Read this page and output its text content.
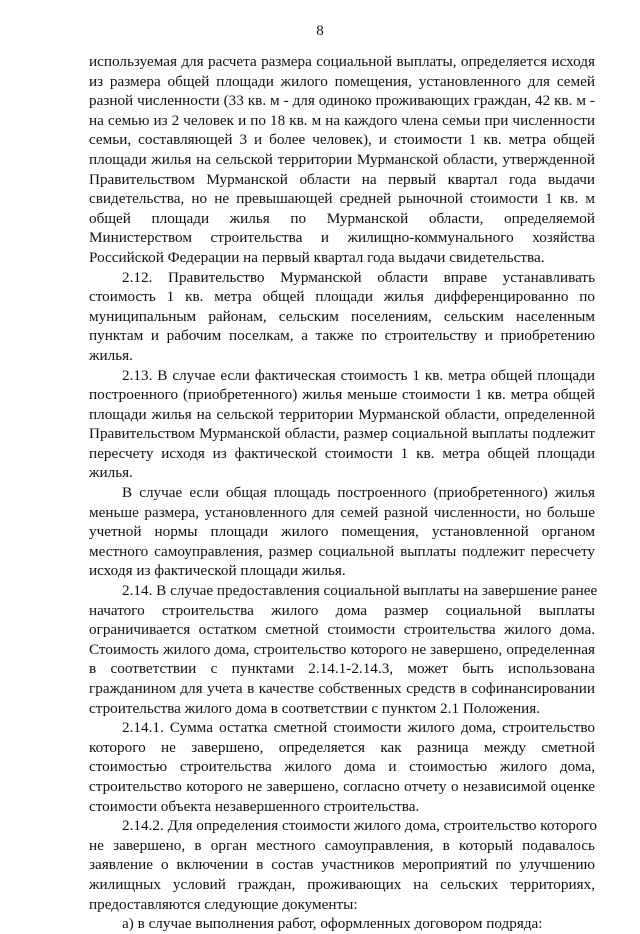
8
используемая для расчета размера социальной выплаты, определяется исходя
из размера общей площади жилого помещения, установленного для семей
разной численности (33 кв. м - для одиноко проживающих граждан, 42 кв. м -
на семью из 2 человек и по 18 кв. м на каждого члена семьи при численности
семьи, составляющей 3 и более человек), и стоимости 1 кв. метра общей
площади жилья на сельской территории Мурманской области, утвержденной
Правительством Мурманской области на первый квартал года выдачи
свидетельства, но не превышающей средней рыночной стоимости 1 кв. м
общей площади жилья по Мурманской области, определяемой
Министерством строительства и жилищно-коммунального хозяйства
Российской Федерации на первый квартал года выдачи свидетельства.
2.12. Правительство Мурманской области вправе устанавливать
стоимость 1 кв. метра общей площади жилья дифференцированно по
муниципальным районам, сельским поселениям, сельским населенным
пунктам и рабочим поселкам, а также по строительству и приобретению
жилья.
2.13. В случае если фактическая стоимость 1 кв. метра общей площади
построенного (приобретенного) жилья меньше стоимости 1 кв. метра общей
площади жилья на сельской территории Мурманской области, определенной
Правительством Мурманской области, размер социальной выплаты подлежит
пересчету исходя из фактической стоимости 1 кв. метра общей площади
жилья.
В случае если общая площадь построенного (приобретенного) жилья
меньше размера, установленного для семей разной численности, но больше
учетной нормы площади жилого помещения, установленной органом
местного самоуправления, размер социальной выплаты подлежит пересчету
исходя из фактической площади жилья.
2.14. В случае предоставления социальной выплаты на завершение ранее
начатого строительства жилого дома размер социальной выплаты
ограничивается остатком сметной стоимости строительства жилого дома.
Стоимость жилого дома, строительство которого не завершено, определенная
в соответствии с пунктами 2.14.1-2.14.3, может быть использована
гражданином для учета в качестве собственных средств в софинансировании
строительства жилого дома в соответствии с пунктом 2.1 Положения.
2.14.1. Сумма остатка сметной стоимости жилого дома, строительство
которого не завершено, определяется как разница между сметной
стоимостью строительства жилого дома и стоимостью жилого дома,
строительство которого не завершено, согласно отчету о независимой оценке
стоимости объекта незавершенного строительства.
2.14.2. Для определения стоимости жилого дома, строительство которого
не завершено, в орган местного самоуправления, в который подавалось
заявление о включении в состав участников мероприятий по улучшению
жилищных условий граждан, проживающих на сельских территориях,
предоставляются следующие документы:
а) в случае выполнения работ, оформленных договором подряда:
